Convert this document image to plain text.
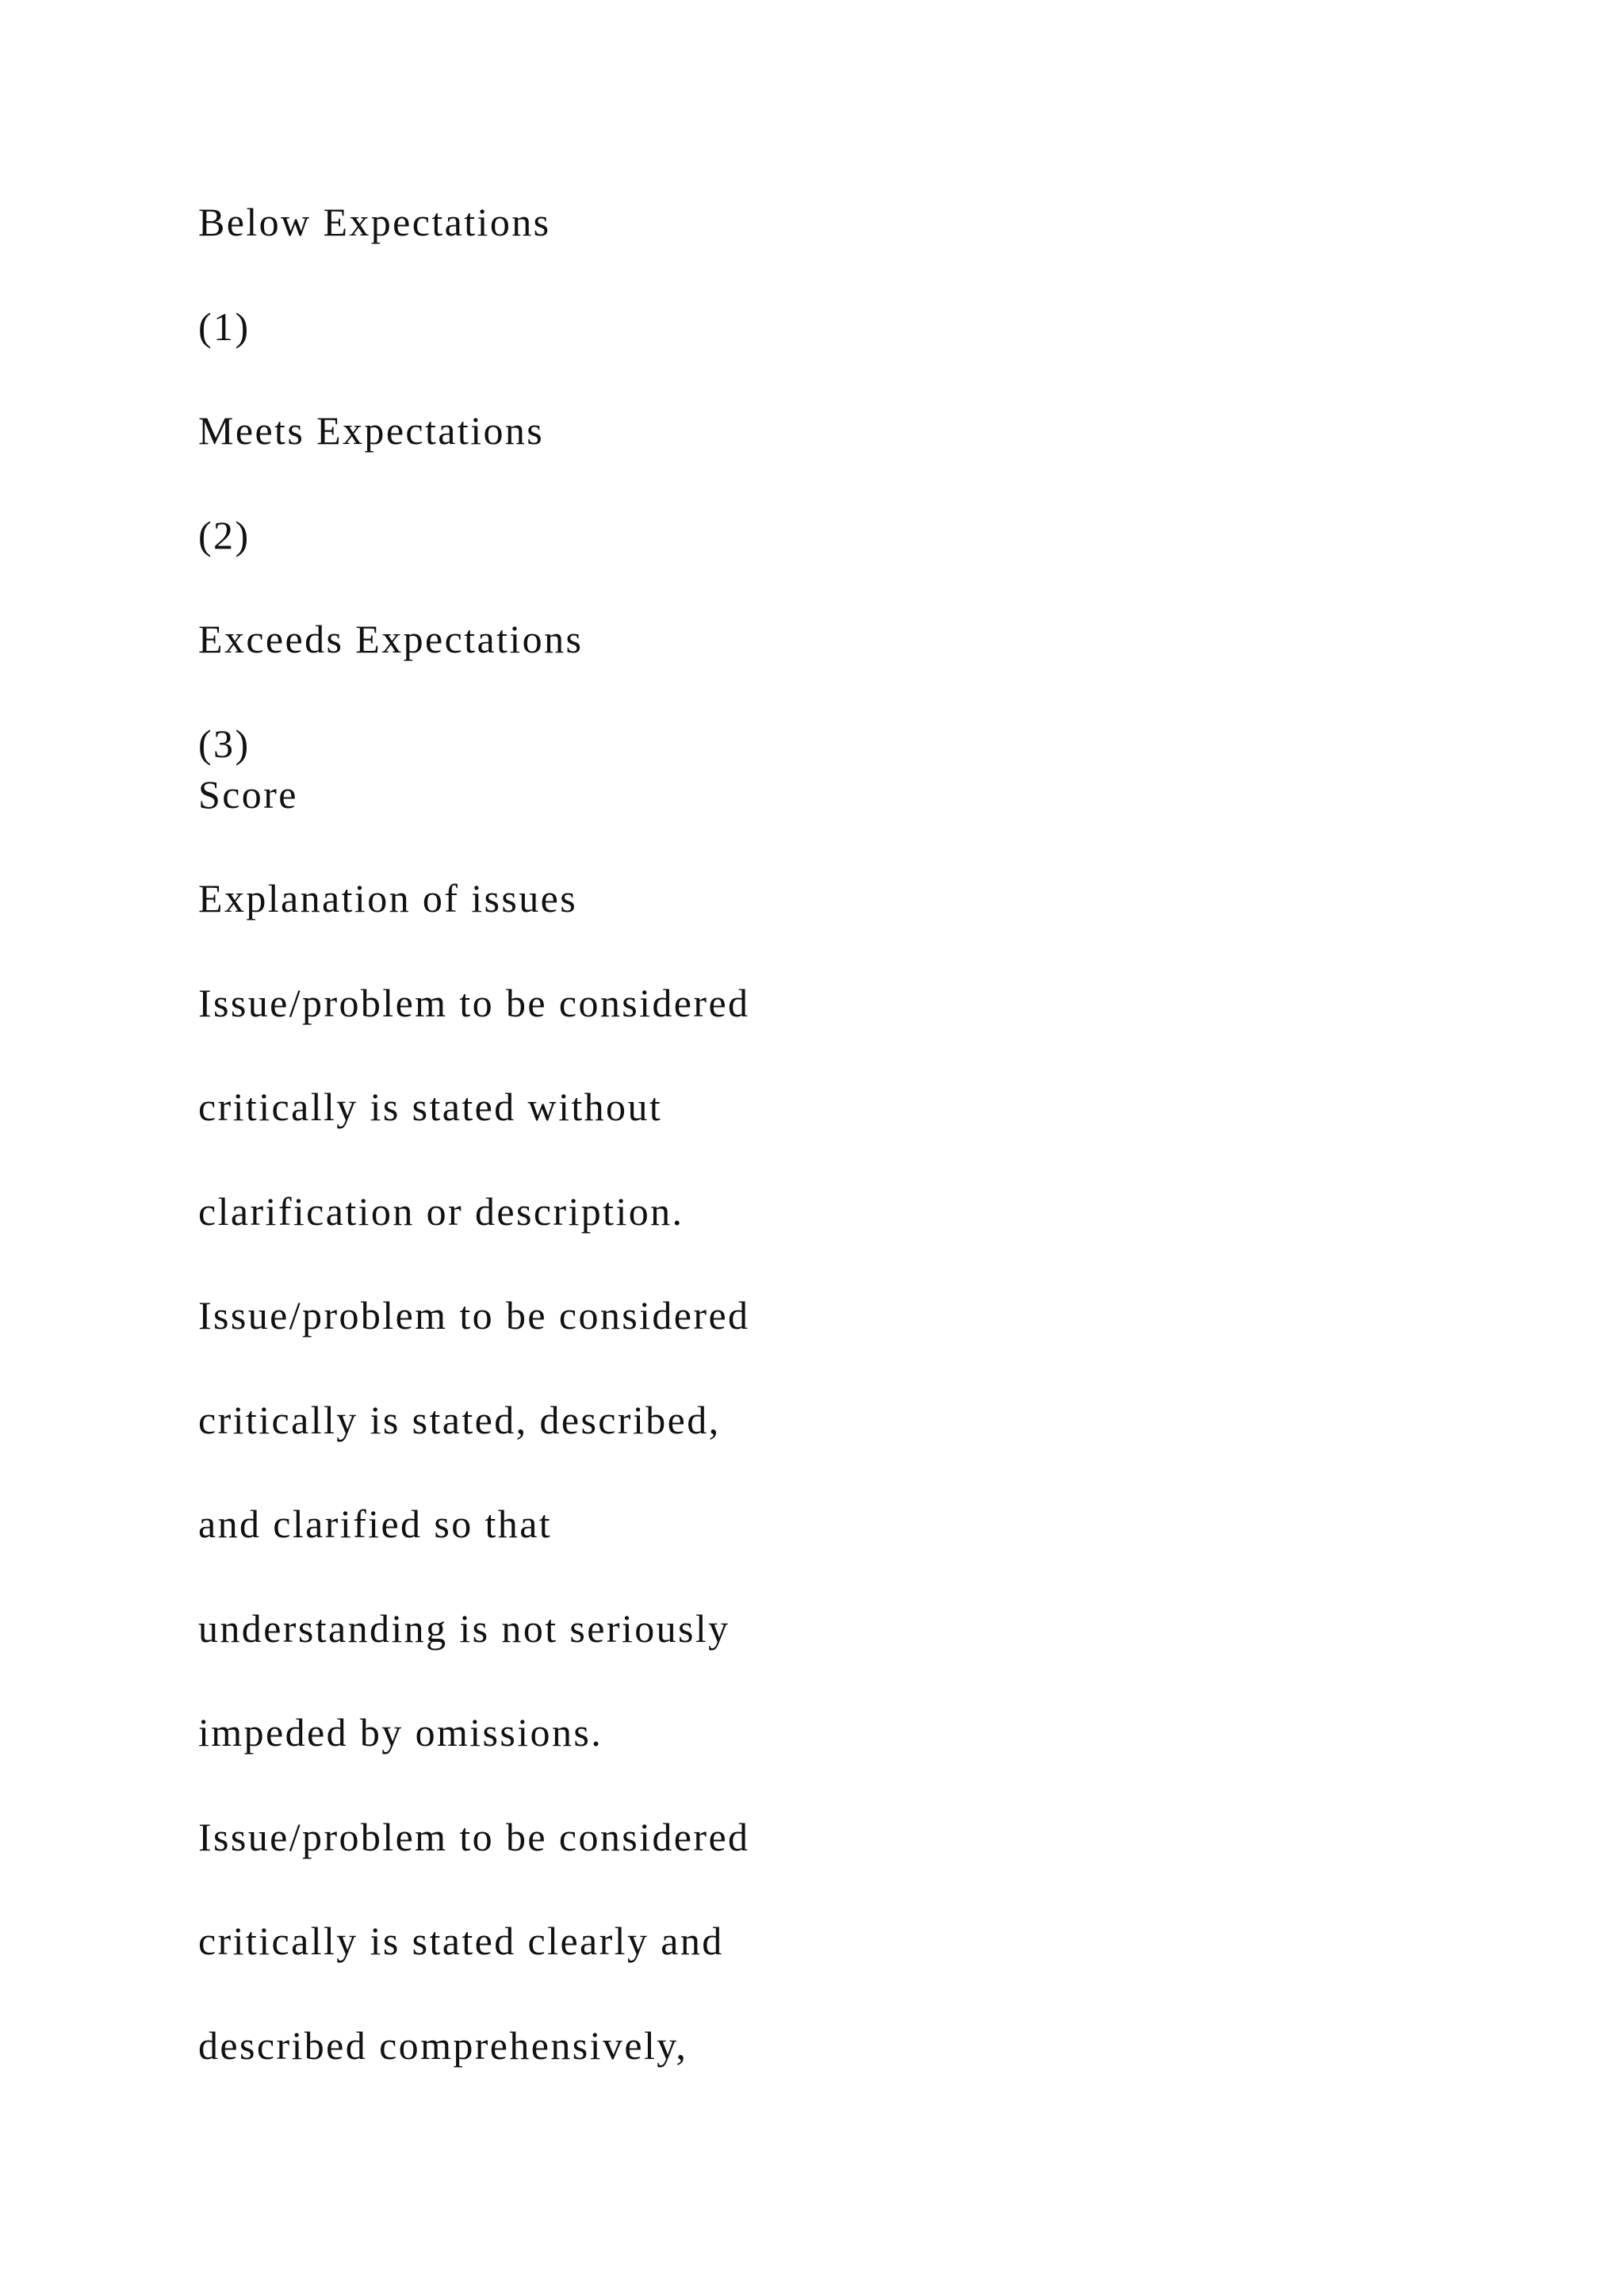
Below Expectations

(1)

Meets Expectations

(2)

Exceeds Expectations

(3)

Score

Explanation of issues

Issue/problem to be considered

critically is stated without

clarification or description.

Issue/problem to be considered

critically is stated, described,

and clarified so that

understanding is not seriously

impeded by omissions.

Issue/problem to be considered

critically is stated clearly and

described comprehensively,
